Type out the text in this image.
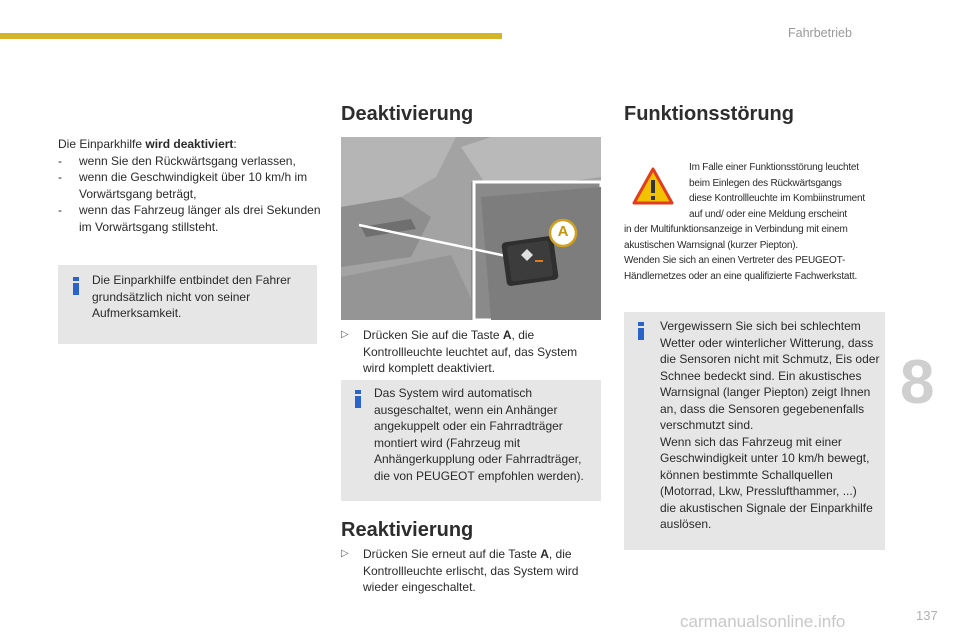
Fahrbetrieb
8
Die Einparkhilfe wird deaktiviert:
- wenn Sie den Rückwärtsgang verlassen,
- wenn die Geschwindigkeit über 10 km/h im Vorwärtsgang beträgt,
- wenn das Fahrzeug länger als drei Sekunden im Vorwärtsgang stillsteht.
Die Einparkhilfe entbindet den Fahrer grundsätzlich nicht von seiner Aufmerksamkeit.
Deaktivierung
A
▷ Drücken Sie auf die Taste A, die Kontrollleuchte leuchtet auf, das System wird komplett deaktiviert.
Das System wird automatisch ausgeschaltet, wenn ein Anhänger angekuppelt oder ein Fahrradträger montiert wird (Fahrzeug mit Anhängerkupplung oder Fahrradträger, die von PEUGEOT empfohlen werden).
Reaktivierung
▷ Drücken Sie erneut auf die Taste A, die Kontrollleuchte erlischt, das System wird wieder eingeschaltet.
Funktionsstörung
Im Falle einer Funktionsstörung leuchtet
beim Einlegen des Rückwärtsgangs
diese Kontrollleuchte im Kombiinstrument
auf und/ oder eine Meldung erscheint
in der Multifunktionsanzeige in Verbindung mit einem
akustischen Warnsignal (kurzer Piepton).
Wenden Sie sich an einen Vertreter des PEUGEOT-
Händlernetzes oder an eine qualifizierte Fachwerkstatt.
Vergewissern Sie sich bei schlechtem
Wetter oder winterlicher Witterung, dass
die Sensoren nicht mit Schmutz, Eis oder
Schnee bedeckt sind. Ein akustisches
Warnsignal (langer Piepton) zeigt Ihnen
an, dass die Sensoren gegebenenfalls
verschmutzt sind.
Wenn sich das Fahrzeug mit einer
Geschwindigkeit unter 10 km/h bewegt,
können bestimmte Schallquellen
(Motorrad, Lkw, Presslufthammer, ...)
die akustischen Signale der Einparkhilfe
auslösen.
carmanualsonline.info	137
